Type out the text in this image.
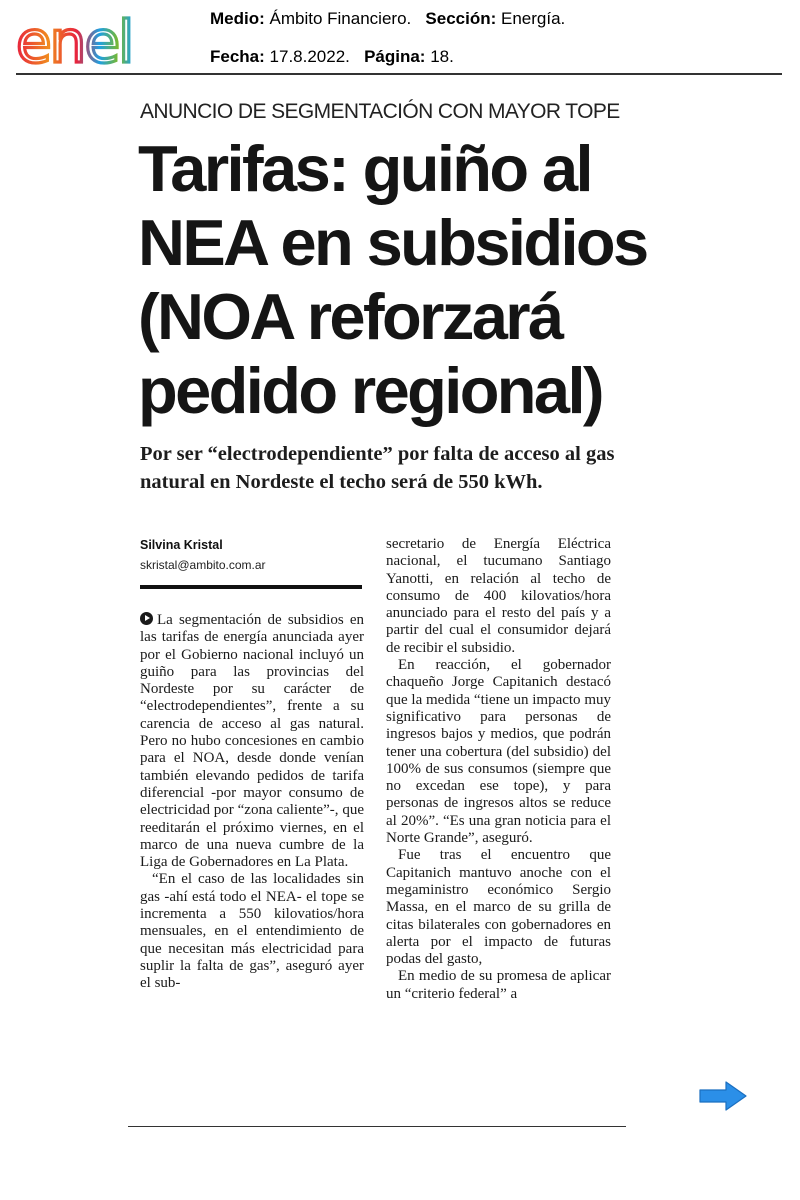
enel	Medio: Ámbito Financiero. Sección: Energía.
Fecha: 17.8.2022. Página: 18.
ANUNCIO DE SEGMENTACIÓN CON MAYOR TOPE
Tarifas: guiño al NEA en subsidios (NOA reforzará pedido regional)

Por ser “electrodependiente” por falta de acceso al gas natural en Nordeste el techo será de 550 kWh.

Silvina Kristal
skristal@ambito.com.ar

La segmentación de subsidios en las tarifas de energía anunciada ayer por el Gobierno nacional incluyó un guiño para las provincias del Nordeste por su carácter de “electrodependientes”, frente a su carencia de acceso al gas natural. Pero no hubo concesiones en cambio para el NOA, desde donde venían también elevando pedidos de tarifa diferencial -por mayor consumo de electricidad por “zona caliente”-, que reeditarán el próximo viernes, en el marco de una nueva cumbre de la Liga de Gobernadores en La Plata.

“En el caso de las localidades sin gas -ahí está todo el NEA- el tope se incrementa a 550 kilovatios/hora mensuales, en el entendimiento de que necesitan más electricidad para suplir la falta de gas”, aseguró ayer el sub-

secretario de Energía Eléctrica nacional, el tucumano Santiago Yanotti, en relación al techo de consumo de 400 kilovatios/hora anunciado para el resto del país y a partir del cual el consumidor dejará de recibir el subsidio.

En reacción, el gobernador chaqueño Jorge Capitanich destacó que la medida “tiene un impacto muy significativo para personas de ingresos bajos y medios, que podrán tener una cobertura (del subsidio) del 100% de sus consumos (siempre que no excedan ese tope), y para personas de ingresos altos se reduce al 20%”. “Es una gran noticia para el Norte Grande”, aseguró.

Fue tras el encuentro que Capitanich mantuvo anoche con el megaministro económico Sergio Massa, en el marco de su grilla de citas bilaterales con gobernadores en alerta por el impacto de futuras podas del gasto,

En medio de su promesa de aplicar un “criterio federal” a
